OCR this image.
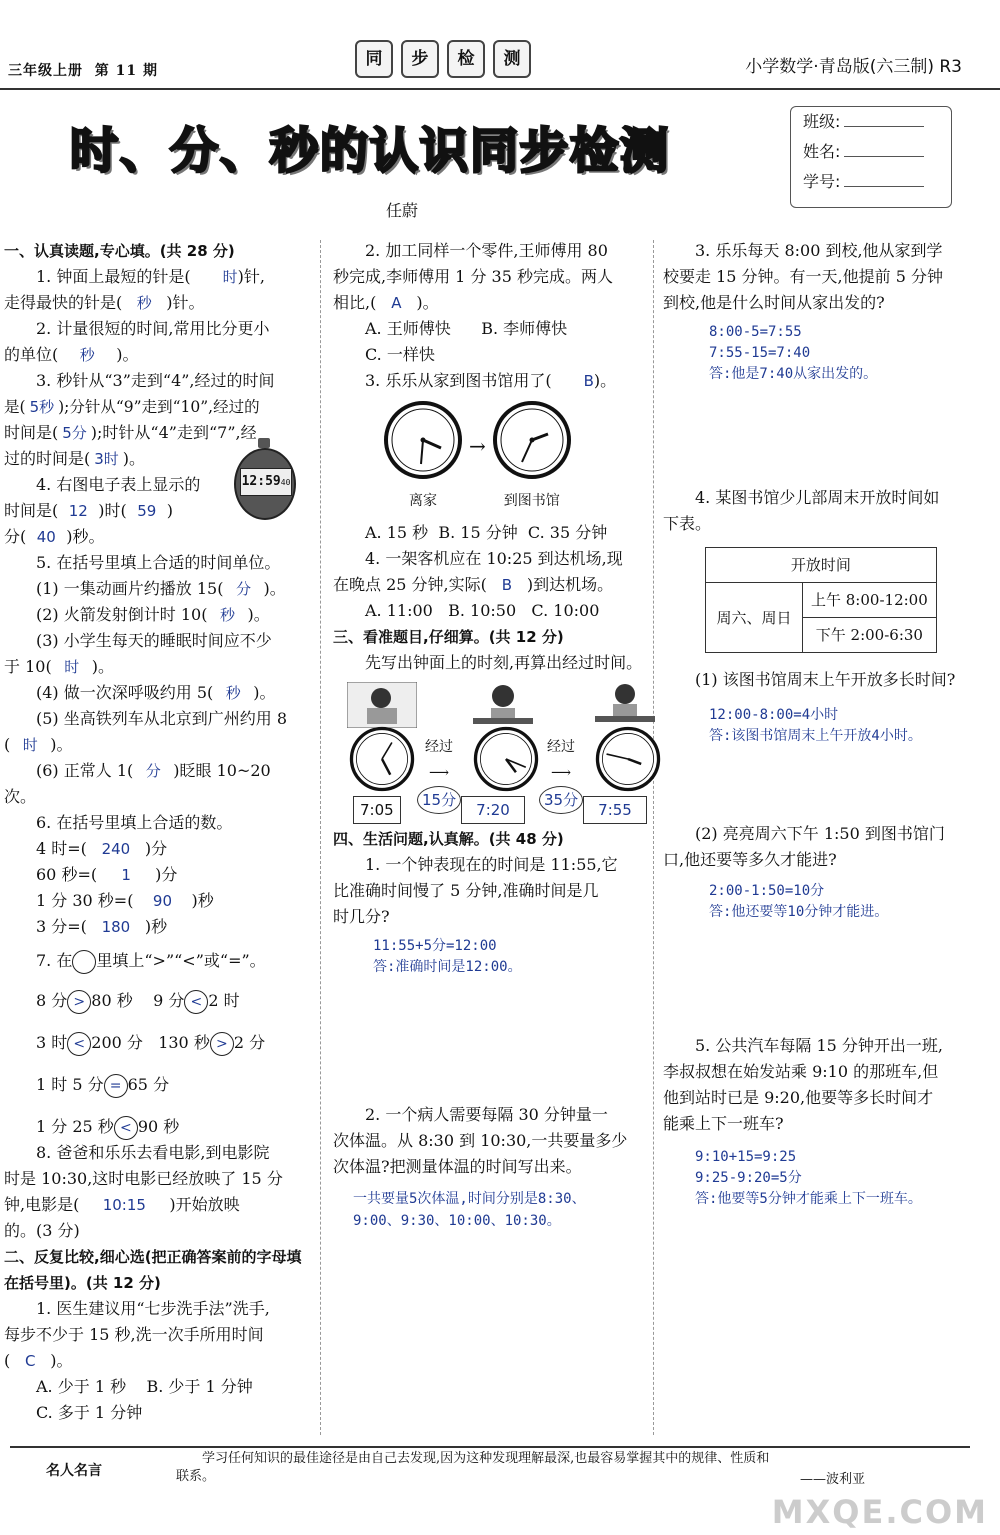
三年级上册 第 11 期
同	步	检	测	小学数学·青岛版(六三制) R3
时、分、秒的认识同步检测
任蔚
班级:
姓名:
学号:

一、认真读题,专心填。(共 28 分)

1. 钟面上最短的针是( 时)针,

走得最快的针是( 秒 )针。

2. 计量很短的时间,常用比分更小

的单位( 秒 )。

3. 秒针从“3”走到“4”,经过的时间

是( 5秒 );分针从“9”走到“10”,经过的

时间是( 5分 );时针从“4”走到“7”,经

过的时间是( 3时 )。

4. 右图电子表上显示的

时间是( 12 )时( 59 )

分( 40 )秒。

12:5940

5. 在括号里填上合适的时间单位。

(1) 一集动画片约播放 15( 分 )。

(2) 火箭发射倒计时 10( 秒 )。

(3) 小学生每天的睡眠时间应不少

于 10( 时 )。

(4) 做一次深呼吸约用 5( 秒 )。

(5) 坐高铁列车从北京到广州约用 8

( 时 )。

(6) 正常人 1( 分 )眨眼 10~20

次。

6. 在括号里填上合适的数。

4 时=( 240 )分

60 秒=( 1 )分

1 分 30 秒=( 90 )秒

3 分=( 180 )秒

7. 在 里填上“>”“<”或“=”。

8 分 > 80 秒 9 分 < 2 时

3 时 < 200 分 130 秒 > 2 分

1 时 5 分 = 65 分

1 分 25 秒 < 90 秒

8. 爸爸和乐乐去看电影,到电影院

时是 10:30,这时电影已经放映了 15 分

钟,电影是( 10:15 )开始放映

的。(3 分)

二、反复比较,细心选(把正确答案前的字母填在括号里)。(共 12 分)

1. 医生建议用“七步洗手法”洗手,

每步不少于 15 秒,洗一次手所用时间

( C )。

A. 少于 1 秒 B. 少于 1 分钟

C. 多于 1 分钟

2. 加工同样一个零件,王师傅用 80

秒完成,李师傅用 1 分 35 秒完成。两人

相比,( A )。

A. 王师傅快 B. 李师傅快

C. 一样快

3. 乐乐从家到图书馆用了( B)。

离家
→
到图书馆

A. 15 秒 B. 15 分钟 C. 35 分钟

4. 一架客机应在 10:25 到达机场,现

在晚点 25 分钟,实际( B )到达机场。

A. 11:00 B. 10:50 C. 10:00

三、看准题目,仔细算。(共 12 分)

先写出钟面上的时刻,再算出经过时间。

经过
⟶
15分
经过
⟶
35分
7:05	7:20	7:55

四、生活问题,认真解。(共 48 分)

1. 一个钟表现在的时间是 11:55,它

比准确时间慢了 5 分钟,准确时间是几

时几分?

11:55+5分=12:00
答:准确时间是12:00。

2. 一个病人需要每隔 30 分钟量一

次体温。从 8:30 到 10:30,一共要量多少

次体温?把测量体温的时间写出来。

一共要量5次体温,时间分别是8:30、
9:00、9:30、10:00、10:30。

3. 乐乐每天 8:00 到校,他从家到学

校要走 15 分钟。有一天,他提前 5 分钟

到校,他是什么时间从家出发的?

8:00-5=7:55
7:55-15=7:40
答:他是7:40从家出发的。

4. 某图书馆少儿部周末开放时间如

下表。

开放时间
周六、周日	上午 8:00-12:00
下午 2:00-6:30

(1) 该图书馆周末上午开放多长时间?

12:00-8:00=4小时
答:该图书馆周末上午开放4小时。

(2) 亮亮周六下午 1:50 到图书馆门

口,他还要等多久才能进?

2:00-1:50=10分
答:他还要等10分钟才能进。

5. 公共汽车每隔 15 分钟开出一班,

李叔叔想在始发站乘 9:10 的那班车,但

他到站时已是 9:20,他要等多长时间才

能乘上下一班车?

9:10+15=9:25
9:25-9:20=5分
答:他要等5分钟才能乘上下一班车。
名人名言
学习任何知识的最佳途径是由自己去发现,因为这种发现理解最深,也最容易掌握其中的规律、性质和
联系。	——波利亚
MXQE.COM
